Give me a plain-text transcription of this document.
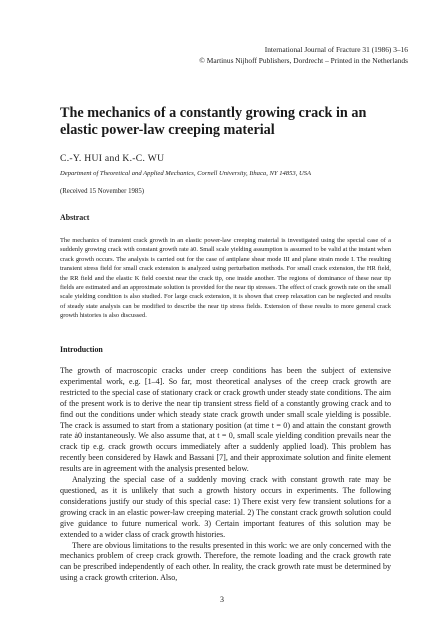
International Journal of Fracture 31 (1986) 3–16
© Martinus Nijhoff Publishers, Dordrecht – Printed in the Netherlands
The mechanics of a constantly growing crack in an elastic power-law creeping material
C.-Y. HUI and K.-C. WU
Department of Theoretical and Applied Mechanics, Cornell University, Ithaca, NY 14853, USA
(Received 15 November 1985)
Abstract

The mechanics of transient crack growth in an elastic power-law creeping material is investigated using the special case of a suddenly growing crack with constant growth rate ȧ0. Small scale yielding assumption is assumed to be valid at the instant when crack growth occurs. The analysis is carried out for the case of antiplane shear mode III and plane strain mode I. The resulting transient stress field for small crack extension is analyzed using perturbation methods. For small crack extension, the HR field, the RR field and the elastic K field coexist near the crack tip, one inside another. The regions of dominance of these near tip fields are estimated and an approximate solution is provided for the near tip stresses. The effect of crack growth rate on the small scale yielding condition is also studied. For large crack extension, it is shown that creep relaxation can be neglected and results of steady state analysis can be modified to describe the near tip stress fields. Extension of these results to more general crack growth histories is also discussed.

Introduction

The growth of macroscopic cracks under creep conditions has been the subject of extensive experimental work, e.g. [1–4]. So far, most theoretical analyses of the creep crack growth are restricted to the special case of stationary crack or crack growth under steady state conditions. The aim of the present work is to derive the near tip transient stress field of a constantly growing crack and to find out the conditions under which steady state crack growth under small scale yielding is possible. The crack is assumed to start from a stationary position (at time t = 0) and attain the constant growth rate ȧ0 instantaneously. We also assume that, at t = 0, small scale yielding condition prevails near the crack tip e.g. crack growth occurs immediately after a suddenly applied load). This problem has recently been considered by Hawk and Bassani [7], and their approximate solution and finite element results are in agreement with the analysis presented below.

Analyzing the special case of a suddenly moving crack with constant growth rate may be questioned, as it is unlikely that such a growth history occurs in experiments. The following considerations justify our study of this special case: 1) There exist very few transient solutions for a growing crack in an elastic power-law creeping material. 2) The constant crack growth solution could give guidance to future numerical work. 3) Certain important features of this solution may be extended to a wider class of crack growth histories.

There are obvious limitations to the results presented in this work: we are only concerned with the mechanics problem of creep crack growth. Therefore, the remote loading and the crack growth rate can be prescribed independently of each other. In reality, the crack growth rate must be determined by using a crack growth criterion. Also,

3
